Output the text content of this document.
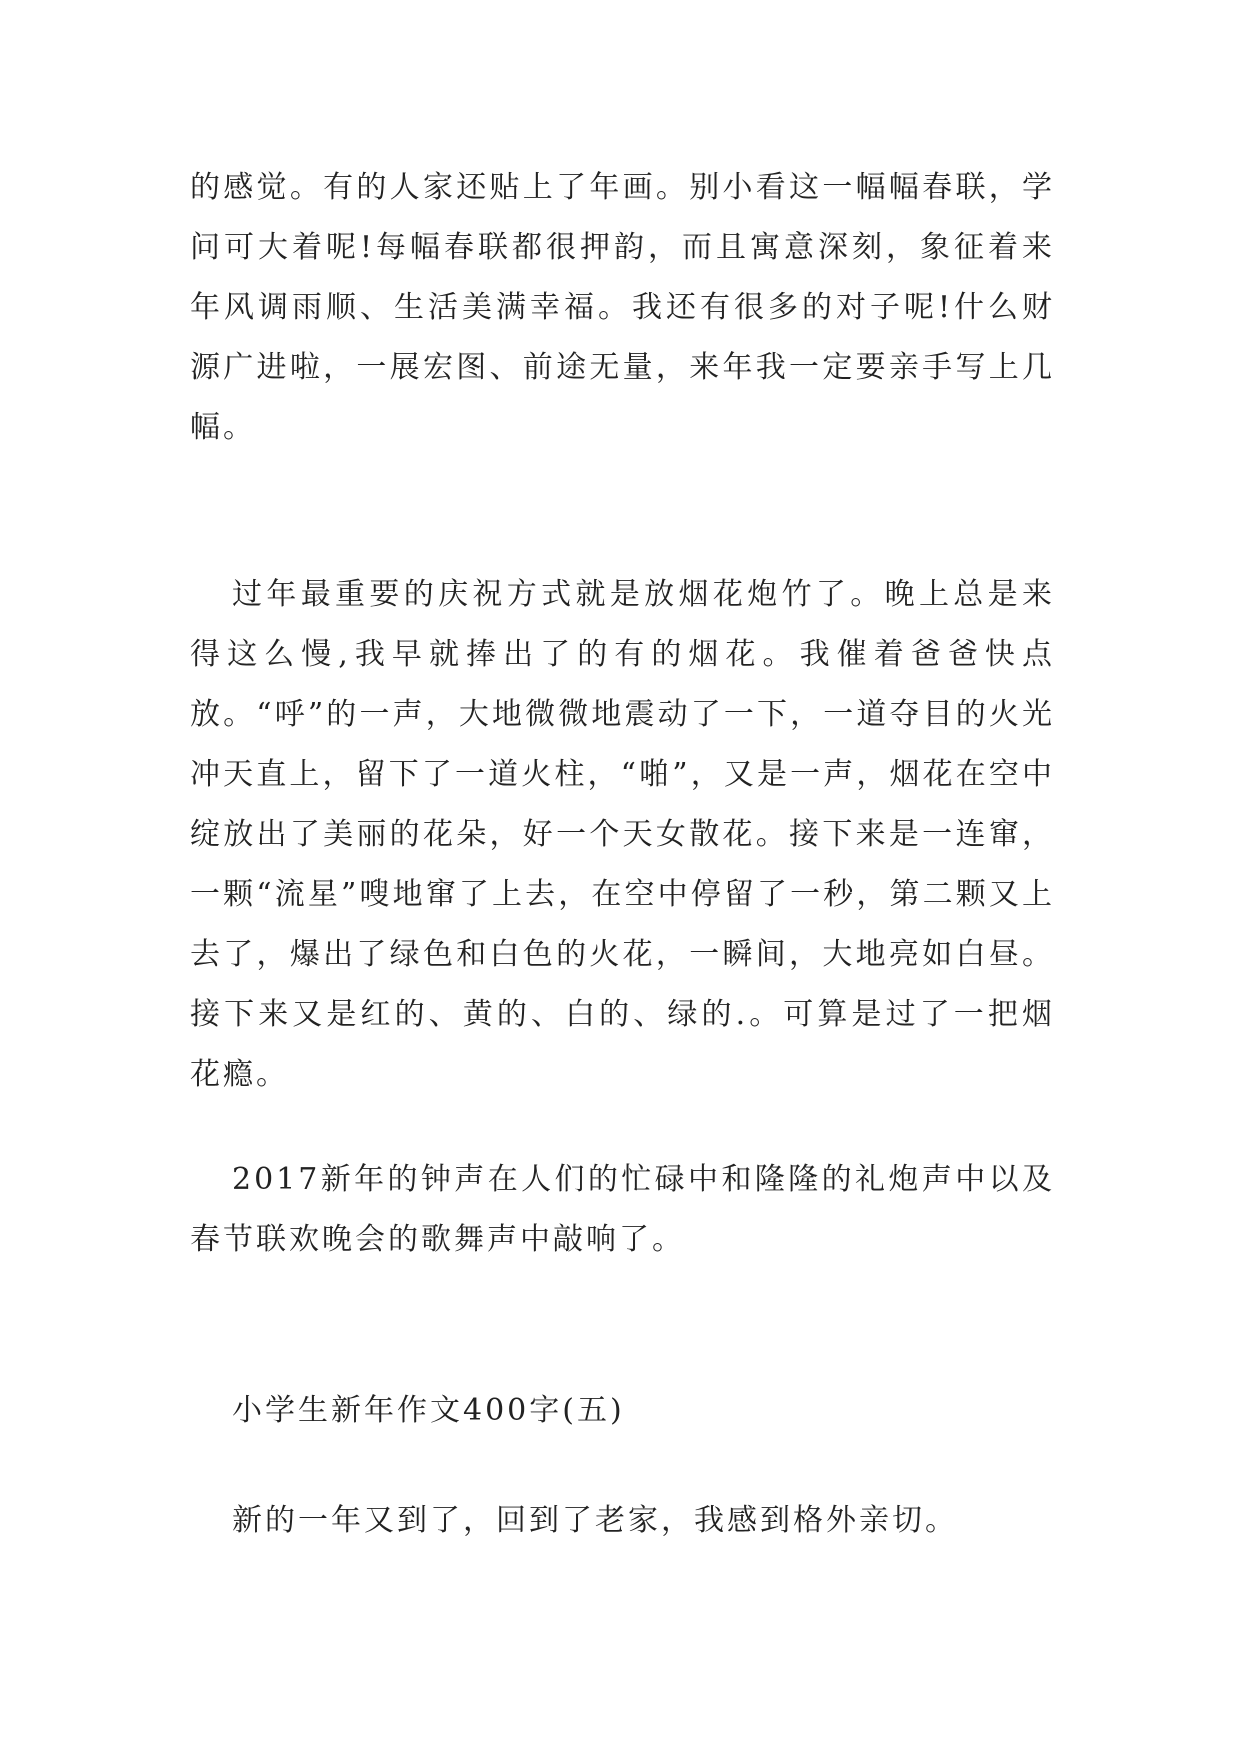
的感觉。有的人家还贴上了年画。别小看这一幅幅春联，学问可大着呢!每幅春联都很押韵，而且寓意深刻，象征着来年风调雨顺、生活美满幸福。我还有很多的对子呢!什么财源广进啦，一展宏图、前途无量，来年我一定要亲手写上几幅。

过年最重要的庆祝方式就是放烟花炮竹了。晚上总是来得这么慢,我早就捧出了的有的烟花。我催着爸爸快点放。“呼”的一声，大地微微地震动了一下，一道夺目的火光冲天直上，留下了一道火柱，“啪”，又是一声，烟花在空中绽放出了美丽的花朵，好一个天女散花。接下来是一连窜，一颗“流星”嗖地窜了上去，在空中停留了一秒，第二颗又上去了，爆出了绿色和白色的火花，一瞬间，大地亮如白昼。接下来又是红的、黄的、白的、绿的.。可算是过了一把烟花瘾。

2017新年的钟声在人们的忙碌中和隆隆的礼炮声中以及春节联欢晚会的歌舞声中敲响了。

小学生新年作文400字(五)

新的一年又到了，回到了老家，我感到格外亲切。
